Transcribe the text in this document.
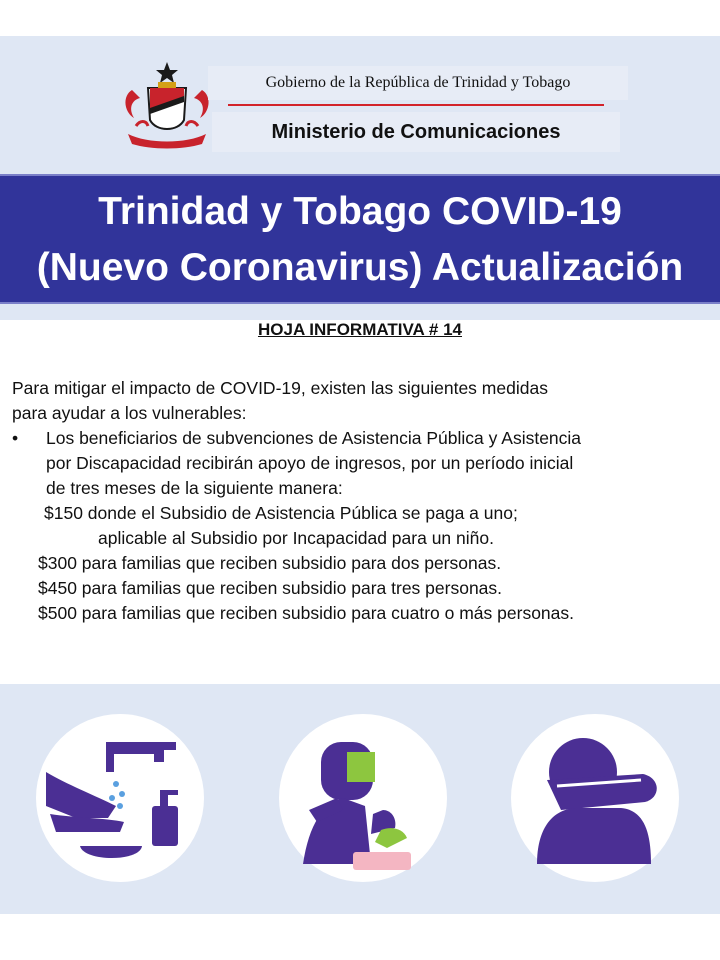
Gobierno de la República de Trinidad y Tobago
Ministerio de Comunicaciones
Trinidad y Tobago COVID-19
(Nuevo Coronavirus) Actualización
HOJA INFORMATIVA # 14
Para mitigar el impacto de COVID-19, existen las siguientes medidas
para ayudar a los vulnerables:
•	Los beneficiarios de subvenciones de Asistencia Pública y Asistencia
por Discapacidad recibirán apoyo de ingresos, por un período inicial
de tres meses de la siguiente manera:
$150 donde el Subsidio de Asistencia Pública se paga a uno;
aplicable al Subsidio por Incapacidad para un niño.
$300 para familias que reciben subsidio para dos personas.
$450 para familias que reciben subsidio para tres personas.
$500 para familias que reciben subsidio para cuatro o más personas.
